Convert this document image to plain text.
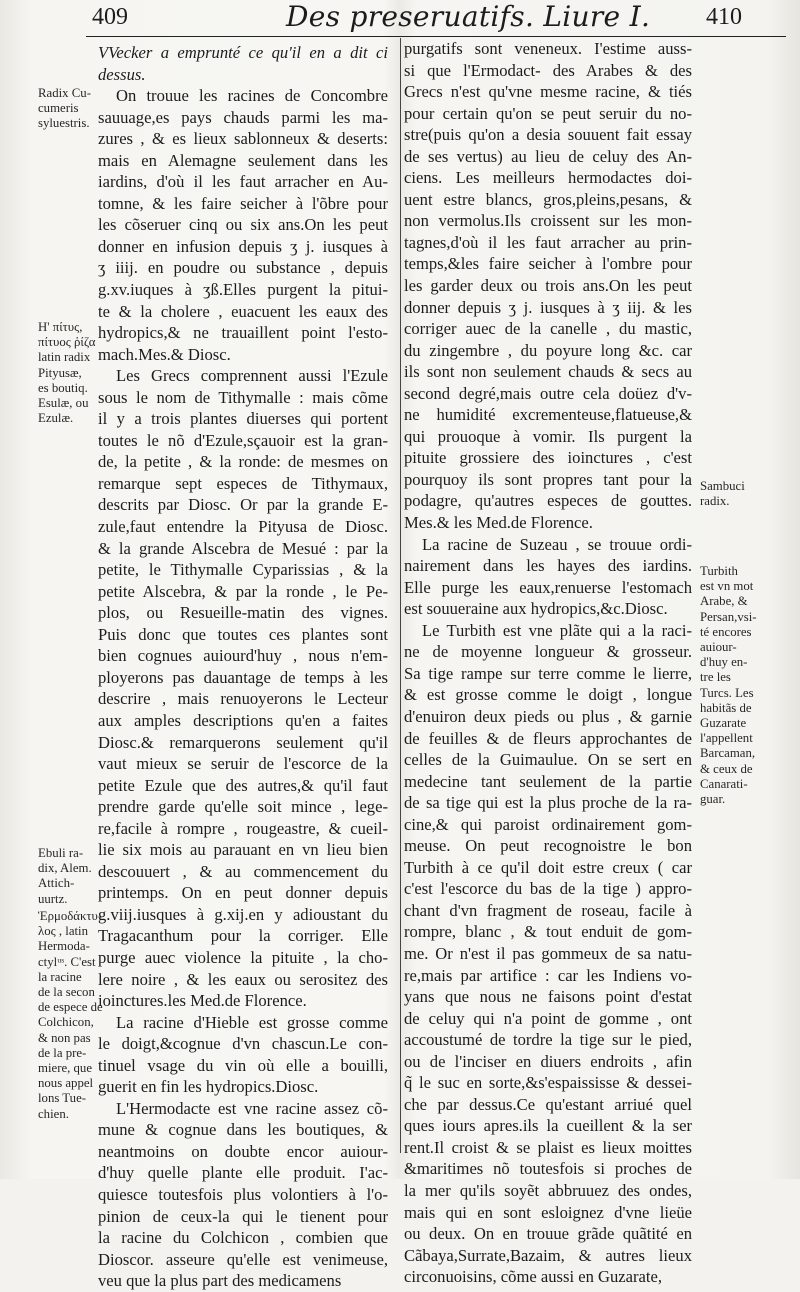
409	Des preseruatifs. Liure I. 410

VVecker a emprunté ce qu'il en a dit ci
dessus.

On trouue les racines de Concombre
sauuage,es pays chauds parmi les ma-
zures , & es lieux sablonneux & deserts:
mais en Alemagne seulement dans les
iardins, d'où il les faut arracher en Au-
tomne, & les faire seicher à l'õbre pour
les cõseruer cinq ou six ans.On les peut
donner en infusion depuis ʒ j. iusques à
ʒ iiij. en poudre ou substance , depuis
g.xv.iuques à ʒß.Elles purgent la pitui-
te & la cholere , euacuent les eaux des
hydropics,& ne trauaillent point l'esto-
mach.Mes.& Diosc.

Les Grecs comprennent aussi l'Ezule
sous le nom de Tithymalle : mais cõme
il y a trois plantes diuerses qui portent
toutes le nõ d'Ezule,sçauoir est la gran-
de, la petite , & la ronde: de mesmes on
remarque sept especes de Tithymaux,
descrits par Diosc. Or par la grande E-
zule,faut entendre la Pityusa de Diosc.
& la grande Alscebra de Mesué : par la
petite, le Tithymalle Cyparissias , & la
petite Alscebra, & par la ronde , le Pe-
plos, ou Resueille-matin des vignes.
Puis donc que toutes ces plantes sont
bien cognues auiourd'huy , nous n'em-
ployerons pas dauantage de temps à les
descrire , mais renuoyerons le Lecteur
aux amples descriptions qu'en a faites
Diosc.& remarquerons seulement qu'il
vaut mieux se seruir de l'escorce de la
petite Ezule que des autres,& qu'il faut
prendre garde qu'elle soit mince , lege-
re,facile à rompre , rougeastre, & cueil-
lie six mois au parauant en vn lieu bien
descouuert , & au commencement du
printemps. On en peut donner depuis
g.viij.iusques à g.xij.en y adioustant du
Tragacanthum pour la corriger. Elle
purge auec violence la pituite , la cho-
lere noire , & les eaux ou serositez des
ioinctures.les Med.de Florence.

La racine d'Hieble est grosse comme
le doigt,&cognue d'vn chascun.Le con-
tinuel vsage du vin où elle a bouilli,
guerit en fin les hydropics.Diosc.

L'Hermodacte est vne racine assez cõ-
mune & cognue dans les boutiques, &
neantmoins on doubte encor auiour-
d'huy quelle plante elle produit. I'ac-
quiesce toutesfois plus volontiers à l'o-
pinion de ceux-la qui le tienent pour
la racine du Colchicon , combien que
Dioscor. asseure qu'elle est venimeuse,
veu que la plus part des medicamens

purgatifs sont veneneux. I'estime auss-
si que l'Ermodact- des Arabes & des
Grecs n'est qu'vne mesme racine, & tiés
pour certain qu'on se peut seruir du no-
stre(puis qu'on a desia souuent fait essay
de ses vertus) au lieu de celuy des An-
ciens. Les meilleurs hermodactes doi-
uent estre blancs, gros,pleins,pesans, &
non vermolus.Ils croissent sur les mon-
tagnes,d'où il les faut arracher au prin-
temps,&les faire seicher à l'ombre pour
les garder deux ou trois ans.On les peut
donner depuis ʒ j. iusques à ʒ iij. & les
corriger auec de la canelle , du mastic,
du zingembre , du poyure long &c. car
ils sont non seulement chauds & secs au
second degré,mais outre cela doüez d'v-
ne humidité excrementeuse,flatueuse,&
qui prouoque à vomir. Ils purgent la
pituite grossiere des ioinctures , c'est
pourquoy ils sont propres tant pour la
podagre, qu'autres especes de gouttes.
Mes.& les Med.de Florence.

La racine de Suzeau , se trouue ordi-
nairement dans les hayes des iardins.
Elle purge les eaux,renuerse l'estomach
est souueraine aux hydropics,&c.Diosc.

Le Turbith est vne plãte qui a la raci-
ne de moyenne longueur & grosseur.
Sa tige rampe sur terre comme le lierre,
& est grosse comme le doigt , longue
d'enuiron deux pieds ou plus , & garnie
de feuilles & de fleurs approchantes de
celles de la Guimaulue. On se sert en
medecine tant seulement de la partie
de sa tige qui est la plus proche de la ra-
cine,& qui paroist ordinairement gom-
meuse. On peut recognoistre le bon
Turbith à ce qu'il doit estre creux ( car
c'est l'escorce du bas de la tige ) appro-
chant d'vn fragment de roseau, facile à
rompre, blanc , & tout enduit de gom-
me. Or n'est il pas gommeux de sa natu-
re,mais par artifice : car les Indiens vo-
yans que nous ne faisons point d'estat
de celuy qui n'a point de gomme , ont
accoustumé de tordre la tige sur le pied,
ou de l'inciser en diuers endroits , afin
q̃ le suc en sorte,&s'espaississe & dessei-
che par dessus.Ce qu'estant arriué quel
ques iours apres.ils la cueillent & la ser
rent.Il croist & se plaist es lieux moittes
&maritimes nõ toutesfois si proches de
la mer qu'ils soyẽt abbruuez des ondes,
mais qui en sont esloignez d'vne lieüe
ou deux. On en trouue grãde quãtité en
Cãbaya,Surrate,Bazaim, & autres lieux
circonuoisins, cõme aussi en Guzarate,

Radix Cu-
cumeris
syluestris.
H' πίτυς,
πίτυος ῥίζα
latin radix
Pityusæ,
es boutiq.
Esulæ, ou
Ezulæ.
Ebuli ra-
dix, Alem.
Attich-
uurtz.
Ἑρμοδάκτυ-
λος , latin
Hermoda-
ctylᵘˢ. C'est
la racine
de la secon
de espece de
Colchicon,
& non pas
de la pre-
miere, que
nous appel
lons Tue-
chien.
Sambuci
radix.
Turbith
est vn mot
Arabe, &
Persan,vsi-
té encores
auiour-
d'huy en-
tre les
Turcs. Les
habitãs de
Guzarate
l'appellent
Barcaman,
& ceux de
Canarati-
guar.
